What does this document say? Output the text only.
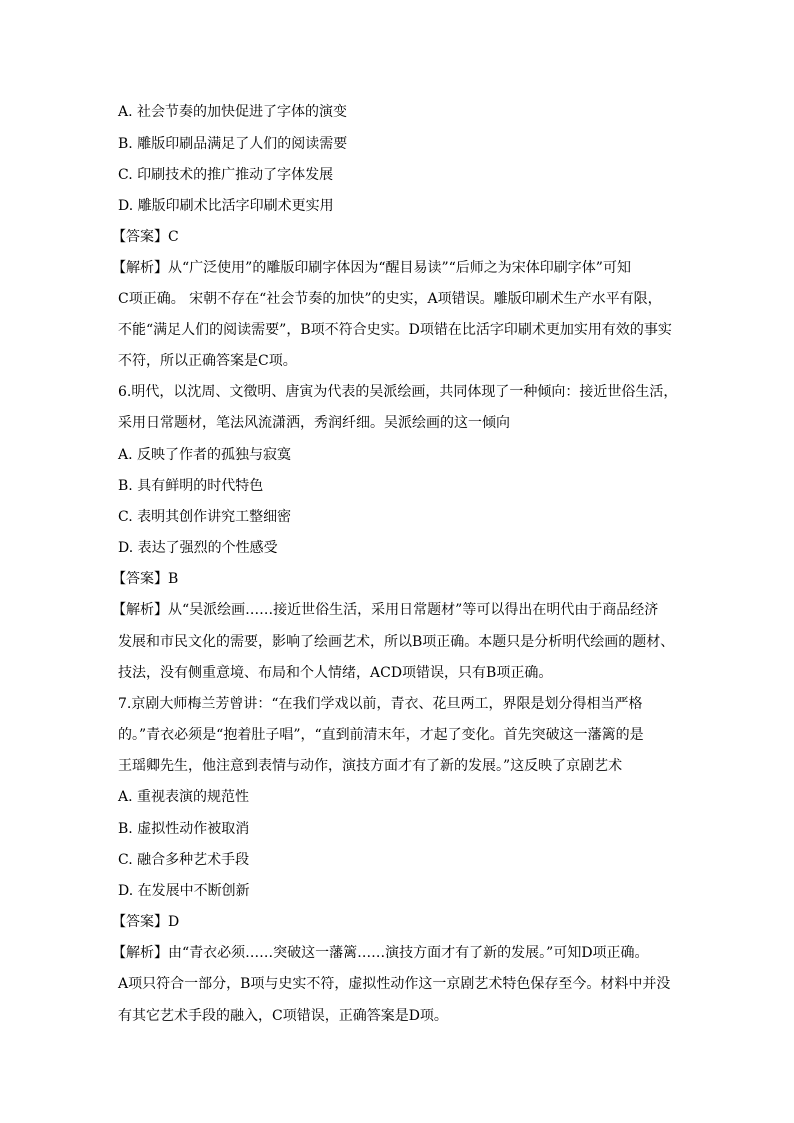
A. 社会节奏的加快促进了字体的演变
B. 雕版印刷品满足了人们的阅读需要
C. 印刷技术的推广推动了字体发展
D. 雕版印刷术比活字印刷术更实用
【答案】C
【解析】从“广泛使用”的雕版印刷字体因为“醒目易读”“后师之为宋体印刷字体”可知
C项正确。 宋朝不存在“社会节奏的加快”的史实，A项错误。雕版印刷术生产水平有限，
不能“满足人们的阅读需要”，B项不符合史实。D项错在比活字印刷术更加实用有效的事实
不符，所以正确答案是C项。
6.明代，以沈周、文徵明、唐寅为代表的吴派绘画，共同体现了一种倾向：接近世俗生活，
采用日常题材，笔法风流潇洒，秀润纤细。吴派绘画的这一倾向
A. 反映了作者的孤独与寂寞
B. 具有鲜明的时代特色
C. 表明其创作讲究工整细密
D. 表达了强烈的个性感受
【答案】B
【解析】从“吴派绘画……接近世俗生活，采用日常题材”等可以得出在明代由于商品经济
发展和市民文化的需要，影响了绘画艺术，所以B项正确。本题只是分析明代绘画的题材、
技法，没有侧重意境、布局和个人情绪，ACD项错误，只有B项正确。
7.京剧大师梅兰芳曾讲：“在我们学戏以前，青衣、花旦两工，界限是划分得相当严格
的。”青衣必须是“抱着肚子唱”，“直到前清末年，才起了变化。首先突破这一藩篱的是
王瑶卿先生，他注意到表情与动作，演技方面才有了新的发展。”这反映了京剧艺术
A. 重视表演的规范性
B. 虚拟性动作被取消
C. 融合多种艺术手段
D. 在发展中不断创新
【答案】D
【解析】由“青衣必须……突破这一藩篱……演技方面才有了新的发展。”可知D项正确。
A项只符合一部分，B项与史实不符，虚拟性动作这一京剧艺术特色保存至今。材料中并没
有其它艺术手段的融入，C项错误，正确答案是D项。
